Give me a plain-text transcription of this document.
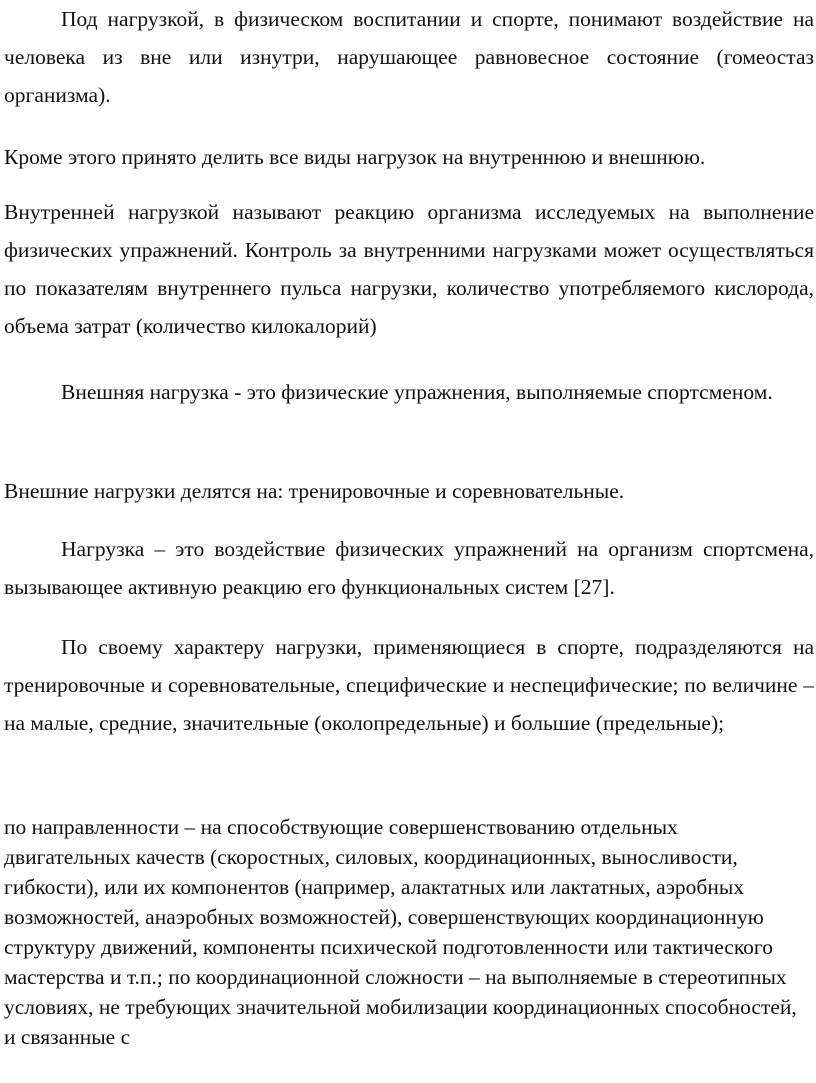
Под нагрузкой, в физическом воспитании и спорте, понимают воздействие на человека из вне или изнутри, нарушающее равновесное состояние (гомеостаз организма).

Кроме этого принято делить все виды нагрузок на внутреннюю и внешнюю.

Внутренней нагрузкой называют реакцию организма исследуемых на выполнение физических упражнений. Контроль за внутренними нагрузками может осуществляться по показателям внутреннего пульса нагрузки, количество употребляемого кислорода, объема затрат (количество килокалорий)

Внешняя нагрузка - это физические упражнения, выполняемые спортсменом.

Внешние нагрузки делятся на: тренировочные и соревновательные.

Нагрузка – это воздействие физических упражнений на организм спортсмена, вызывающее активную реакцию его функциональных систем [27].

По своему характеру нагрузки, применяющиеся в спорте, подразделяются на тренировочные и соревновательные, специфические и неспецифические; по величине – на малые, средние, значительные (околопредельные) и большие (предельные);

по направленности – на способствующие совершенствованию отдельных двигательных качеств (скоростных, силовых, координационных, выносливости, гибкости), или их компонентов (например, алактатных или лактатных, аэробных возможностей, анаэробных возможностей), совершенствующих координационную структуру движений, компоненты психической подготовленности или тактического мастерства и т.п.; по координационной сложности – на выполняемые в стереотипных условиях, не требующих значительной мобилизации координационных способностей, и связанные с
